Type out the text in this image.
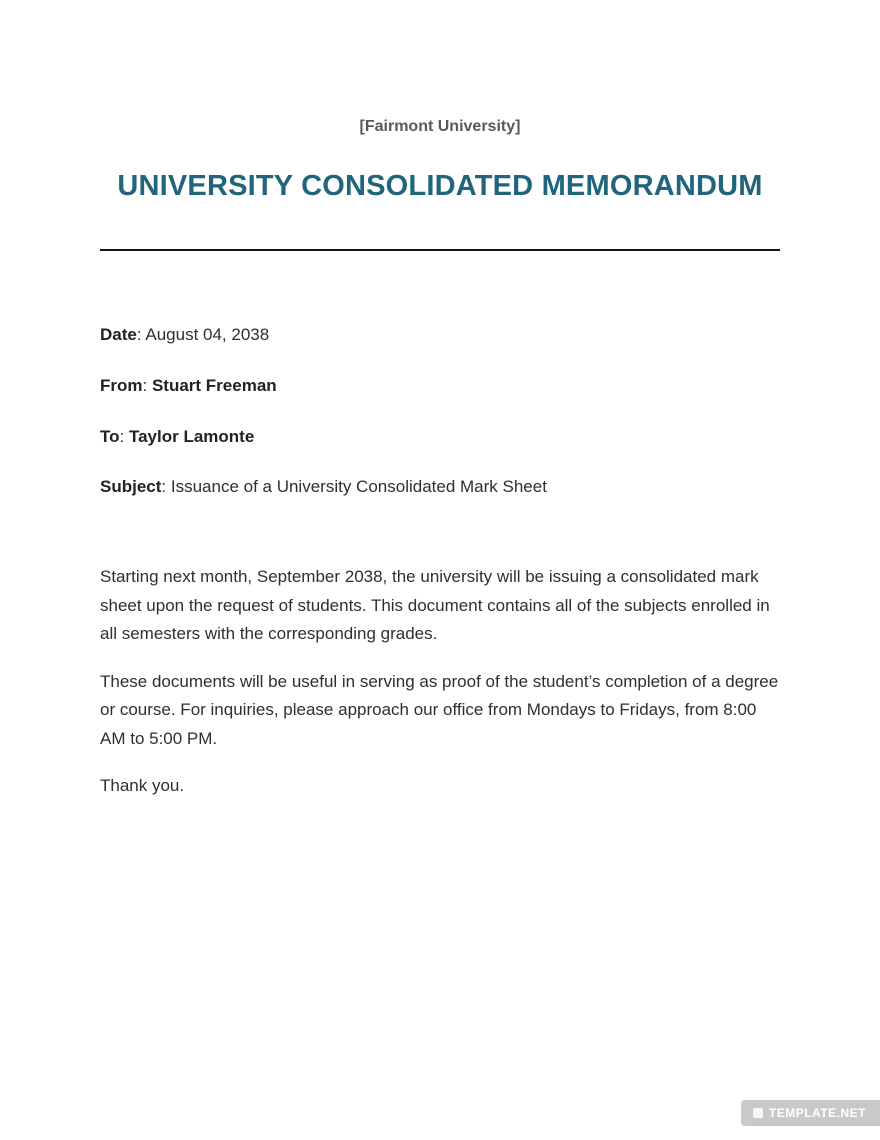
[Fairmont University]

UNIVERSITY CONSOLIDATED MEMORANDUM

Date: August 04, 2038

From: Stuart Freeman

To: Taylor Lamonte

Subject: Issuance of a University Consolidated Mark Sheet

Starting next month, September 2038, the university will be issuing a consolidated mark sheet upon the request of students. This document contains all of the subjects enrolled in all semesters with the corresponding grades.

These documents will be useful in serving as proof of the student’s completion of a degree or course. For inquiries, please approach our office from Mondays to Fridays, from 8:00 AM to 5:00 PM.

Thank you.

TEMPLATE.NET
